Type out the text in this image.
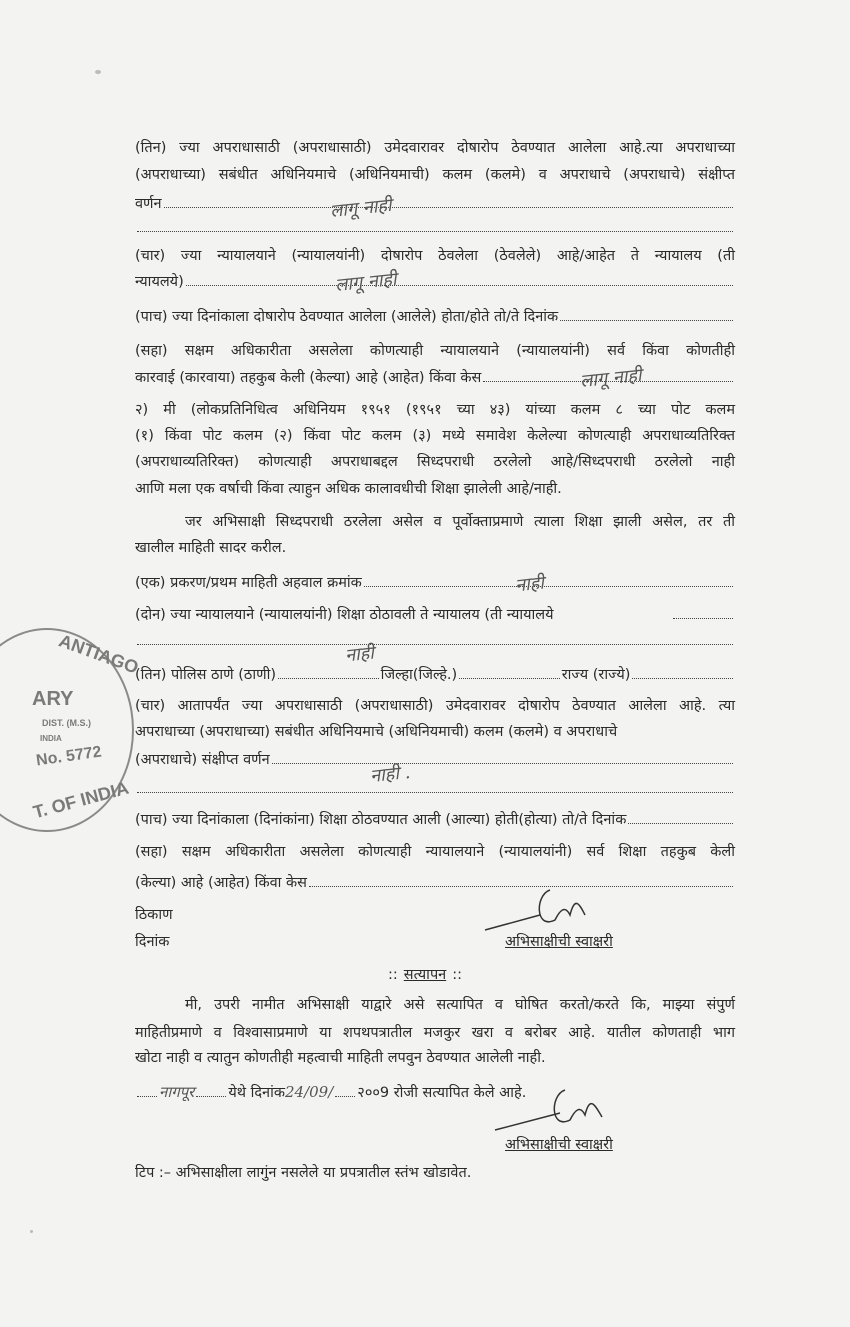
ANTIAGO
ARY
DIST. (M.S.)
INDIA
No. 5772
T. OF INDIA
(तिन) ज्या अपराधासाठी (अपराधासाठी) उमेदवारावर दोषारोप ठेवण्यात आलेला आहे.त्या अपराधाच्या
(अपराधाच्या) सबंधीत अधिनियमाचे (अधिनियमाची) कलम (कलमे) व अपराधाचे (अपराधाचे) संक्षीप्त
वर्णन	लागू नाही
(चार) ज्या न्यायालयाने (न्यायालयांनी) दोषारोप ठेवलेला (ठेवलेले) आहे/आहेत ते न्यायालय (ती
न्यायलये)	लागू नाही
(पाच) ज्या दिनांकाला दोषारोप ठेवण्यात आलेला (आलेले) होता/होते तो/ते दिनांक
(सहा) सक्षम अधिकारीता असलेला कोणत्याही न्यायालयाने (न्यायालयांनी) सर्व किंवा कोणतीही
कारवाई (कारवाया) तहकुब केली (केल्या) आहे (आहेत) किंवा केस	लागू नाही
२) मी (लोकप्रतिनिधित्व अधिनियम १९५१ (१९५१ च्या ४३) यांच्या कलम ८ च्या पोट कलम
(१) किंवा पोट कलम (२) किंवा पोट कलम (३) मध्ये समावेश केलेल्या कोणत्याही अपराधाव्यतिरिक्त
(अपराधाव्यतिरिक्त) कोणत्याही अपराधाबद्दल सिध्दपराधी ठरलेलो आहे/सिध्दपराधी ठरलेलो नाही
आणि मला एक वर्षाची किंवा त्याहुन अधिक कालावधीची शिक्षा झालेली आहे/नाही.
जर अभिसाक्षी सिध्दपराधी ठरलेला असेल व पूर्वोक्ताप्रमाणे त्याला शिक्षा झाली असेल, तर ती
खालील माहिती सादर करील.
(एक) प्रकरण/प्रथम माहिती अहवाल क्रमांक	नाही
(दोन) ज्या न्यायालयाने (न्यायालयांनी) शिक्षा ठोठावली ते न्यायालय (ती न्यायालये
नाही
(तिन) पोलिस ठाणे (ठाणी)	जिल्हा(जिल्हे.)	राज्य (राज्ये)
(चार) आतापर्यंत ज्या अपराधासाठी (अपराधासाठी) उमेदवारावर दोषारोप ठेवण्यात आलेला आहे. त्या
अपराधाच्या (अपराधाच्या) सबंधीत अधिनियमाचे (अधिनियमाची) कलम (कलमे) व अपराधाचे
(अपराधाचे) संक्षीप्त वर्णन
नाही .
(पाच) ज्या दिनांकाला (दिनांकांना) शिक्षा ठोठवण्यात आली (आल्या) होती(होत्या) तो/ते दिनांक
(सहा) सक्षम अधिकारीता असलेला कोणत्याही न्यायालयाने (न्यायालयांनी) सर्व शिक्षा तहकुब केली
(केल्या) आहे (आहेत) किंवा केस
ठिकाण
दिनांक	अभिसाक्षीची स्वाक्षरी
:: सत्यापन ::
मी, उपरी नामीत अभिसाक्षी याद्वारे असे सत्यापित व घोषित करतो/करते कि, माझ्या संपुर्ण
माहितीप्रमाणे व विश्वासाप्रमाणे या शपथपत्रातील मजकुर खरा व बरोबर आहे. यातील कोणताही भाग
खोटा नाही व त्यातुन कोणतीही महत्वाची माहिती लपवुन ठेवण्यात आलेली नाही.
नागपूर येथे दिनांक 24/09/ २००9
रोजी सत्यापित केले आहे.
अभिसाक्षीची स्वाक्षरी
टिप :– अभिसाक्षीला लागुंन नसलेले या प्रपत्रातील स्तंभ खोडावेत.
